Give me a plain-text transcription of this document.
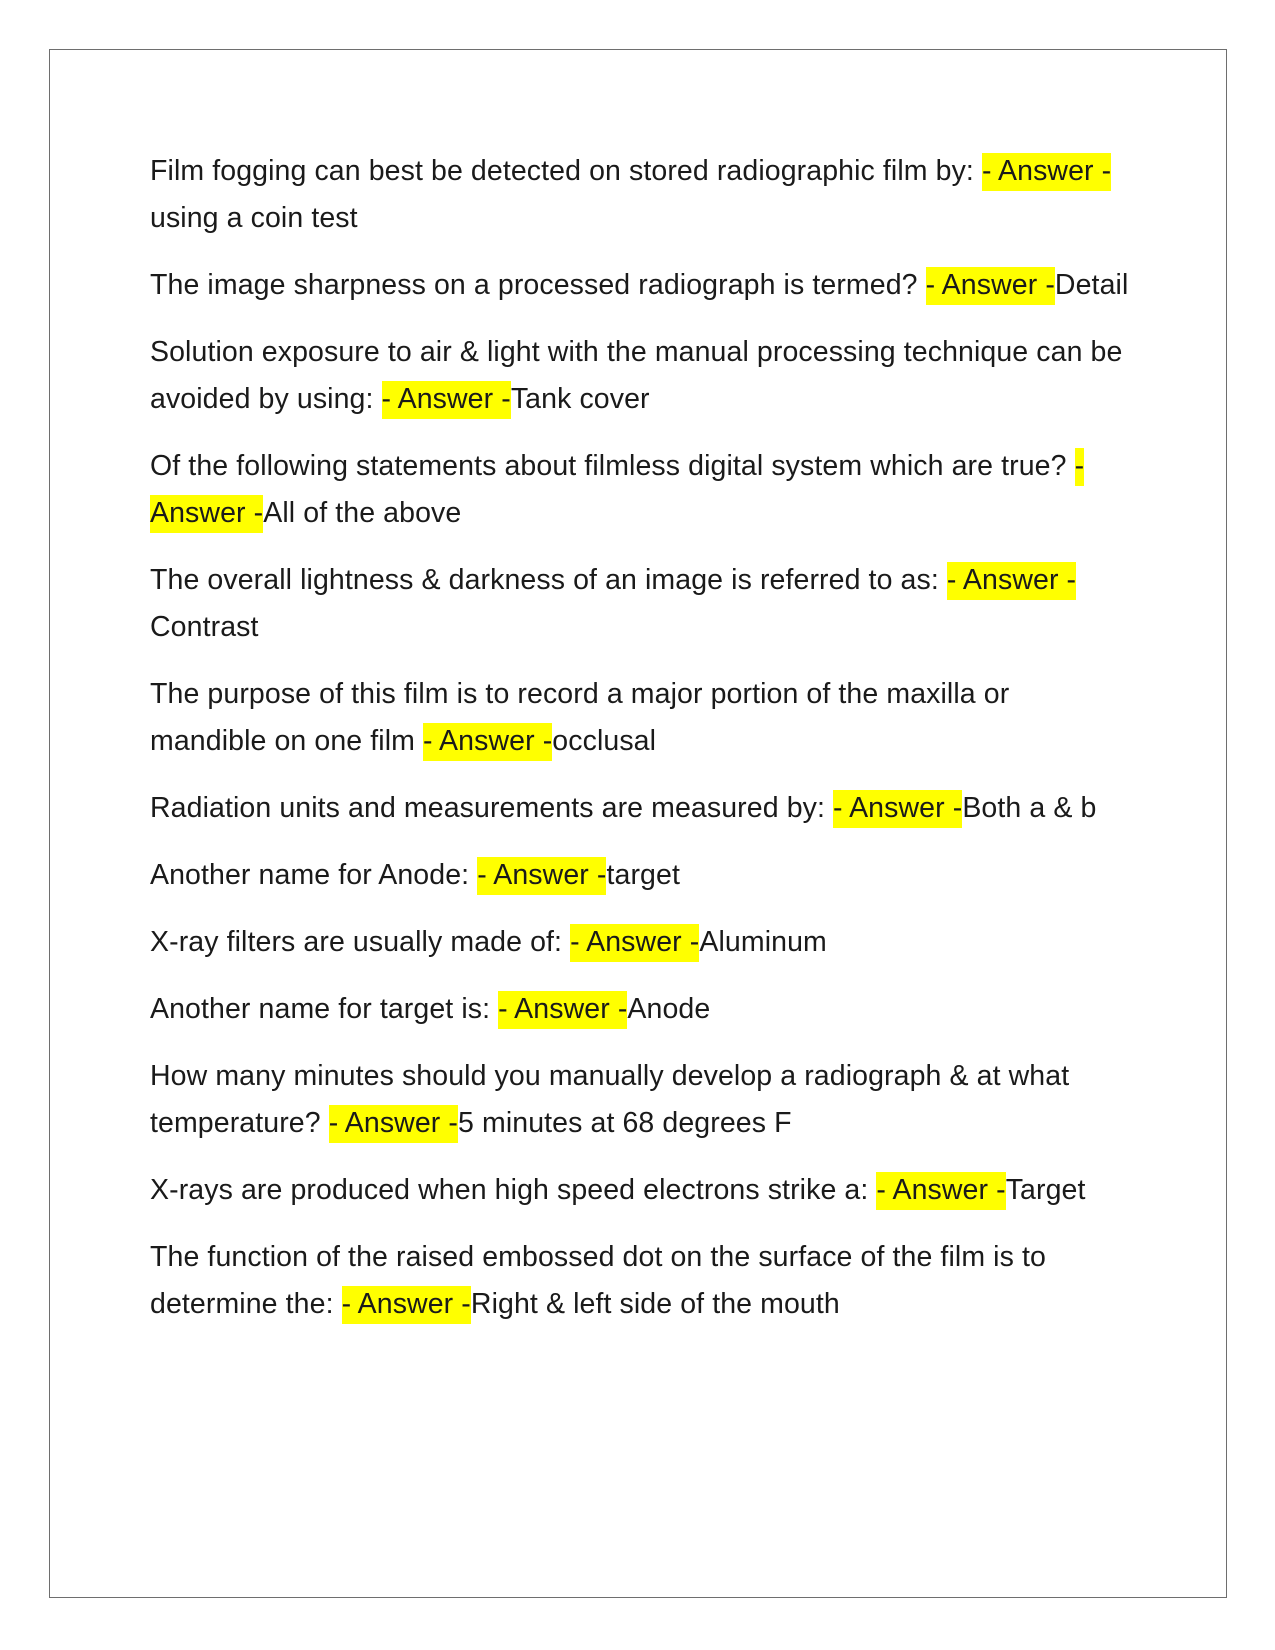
Film fogging can best be detected on stored radiographic film by: - Answer -using a coin test

The image sharpness on a processed radiograph is termed? - Answer -Detail

Solution exposure to air & light with the manual processing technique can be avoided by using: - Answer -Tank cover

Of the following statements about filmless digital system which are true? - Answer -All of the above

The overall lightness & darkness of an image is referred to as: - Answer -Contrast

The purpose of this film is to record a major portion of the maxilla or mandible on one film - Answer -occlusal

Radiation units and measurements are measured by: - Answer -Both a & b

Another name for Anode: - Answer -target

X-ray filters are usually made of: - Answer -Aluminum

Another name for target is: - Answer -Anode

How many minutes should you manually develop a radiograph & at what temperature? - Answer -5 minutes at 68 degrees F

X-rays are produced when high speed electrons strike a: - Answer -Target

The function of the raised embossed dot on the surface of the film is to determine the: - Answer -Right & left side of the mouth
